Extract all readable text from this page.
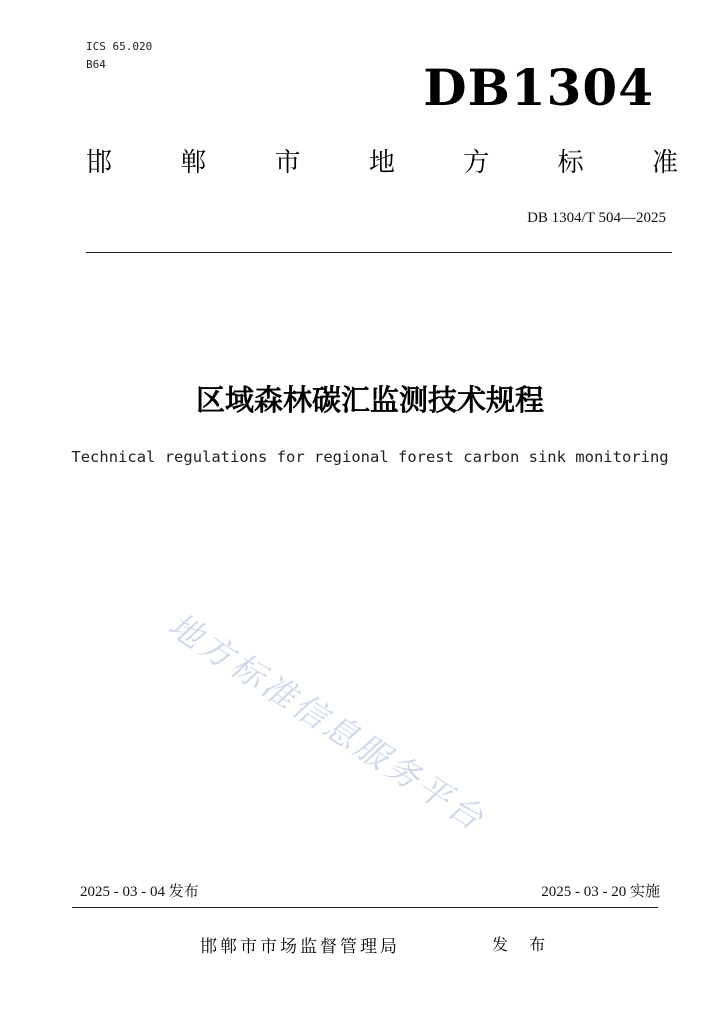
ICS 65.020
B64	DB1304
邯	郸	市	地	方	标	准
DB 1304/T 504—2025
区域森林碳汇监测技术规程
Technical regulations for regional forest carbon sink monitoring
地方标准信息服务平台
2025 - 03 - 04 发布	2025 - 03 - 20 实施
邯郸市市场监督管理局	发 布
